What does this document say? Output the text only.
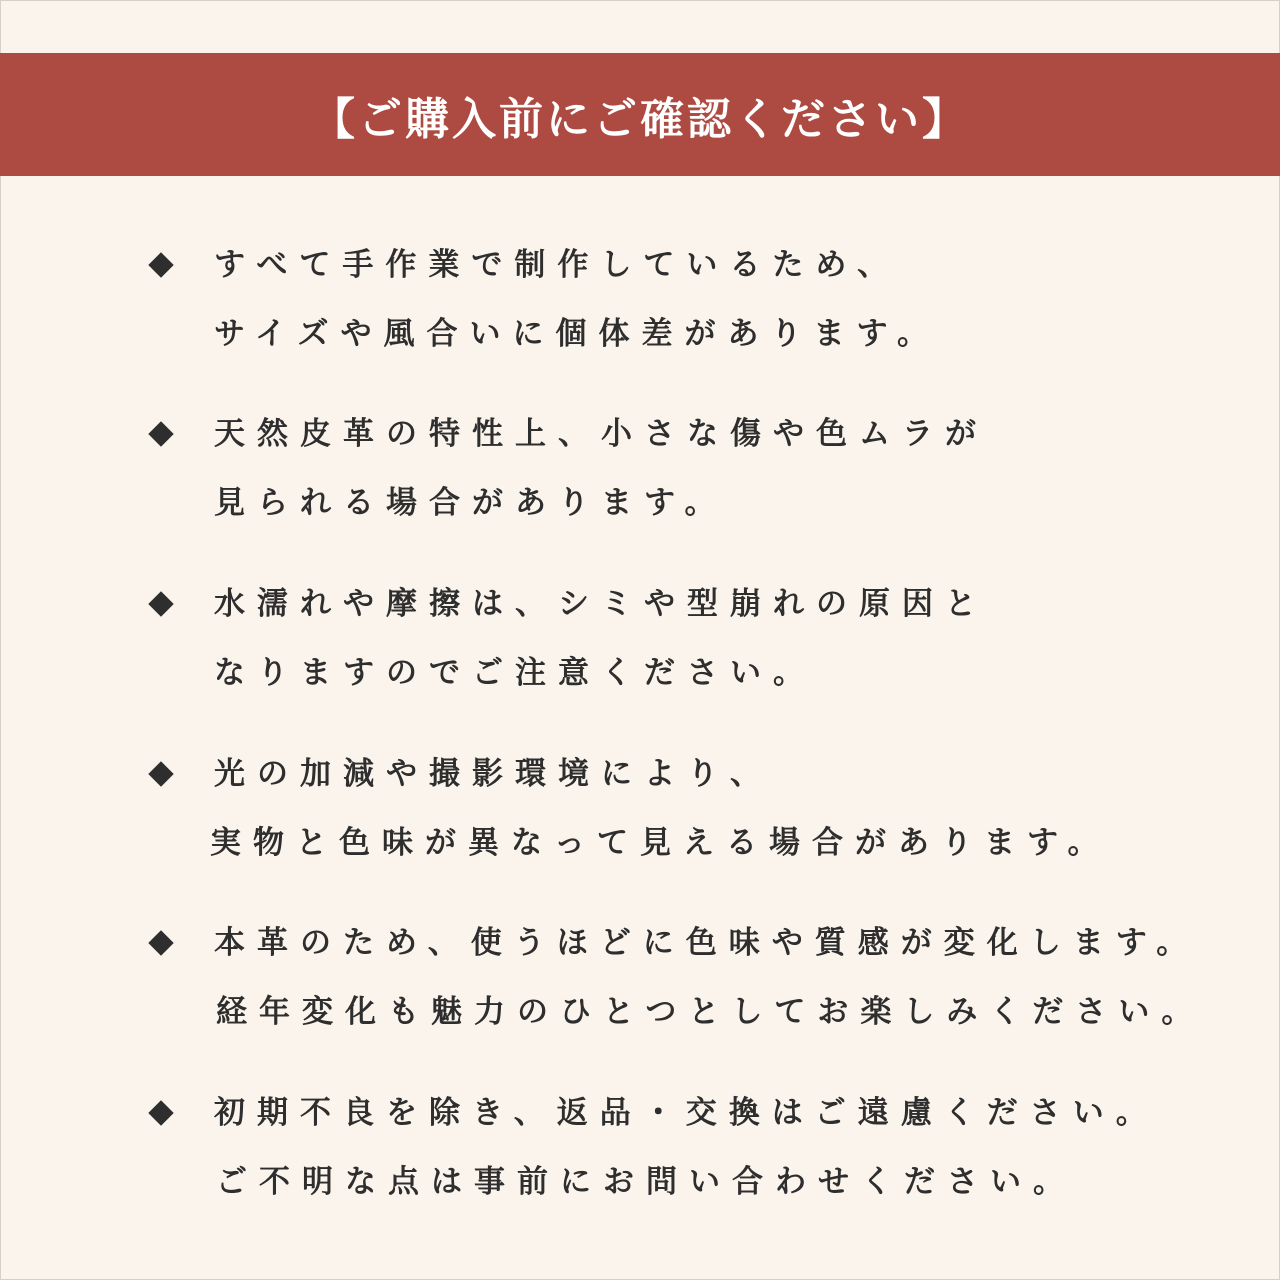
【ご購入前にご確認ください】
すべて手作業で制作しているため、
サイズや風合いに個体差があります。
天然皮革の特性上、小さな傷や色ムラが
見られる場合があります。
水濡れや摩擦は、シミや型崩れの原因と
なりますのでご注意ください。
光の加減や撮影環境により、
実物と色味が異なって見える場合があります。
本革のため、使うほどに色味や質感が変化します。
経年変化も魅力のひとつとしてお楽しみください。
初期不良を除き、返品・交換はご遠慮ください。
ご不明な点は事前にお問い合わせください。
